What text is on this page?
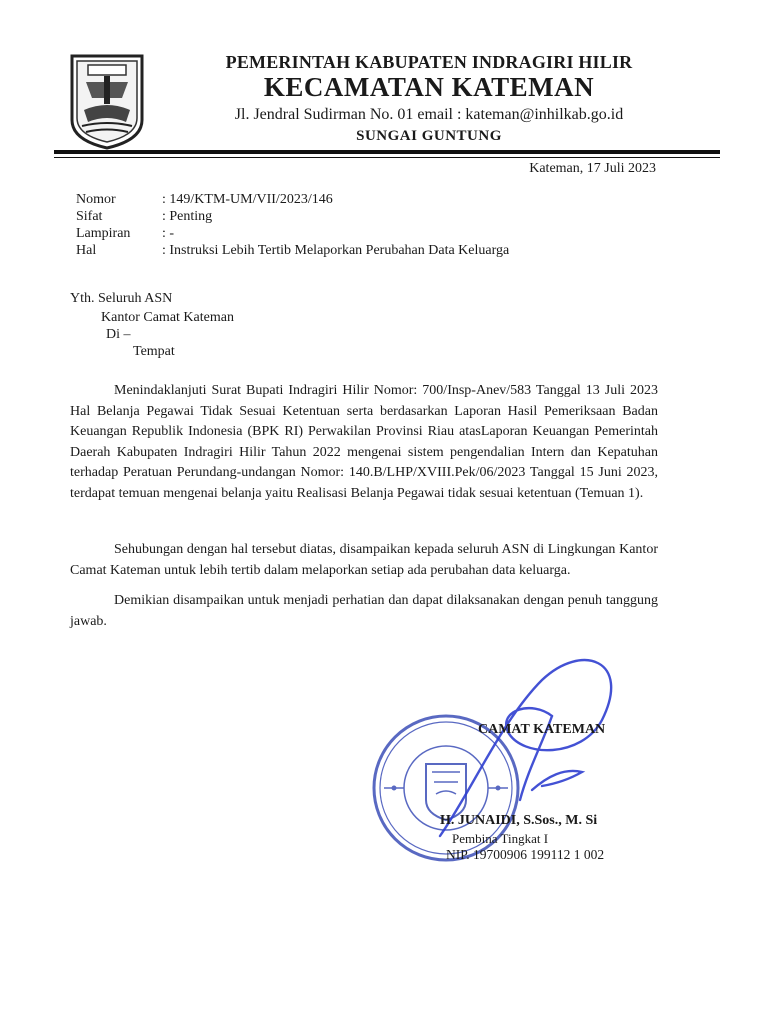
PEMERINTAH KABUPATEN INDRAGIRI HILIR
KECAMATAN KATEMAN
Jl. Jendral Sudirman No. 01 email : kateman@inhilkab.go.id
SUNGAI GUNTUNG
Kateman, 17 Juli 2023
Nomor	: 149/KTM-UM/VII/2023/146
Sifat	: Penting
Lampiran : -
Hal	: Instruksi Lebih Tertib Melaporkan Perubahan Data Keluarga
Yth. Seluruh ASN
Kantor Camat Kateman
Di –
Tempat
Menindaklanjuti Surat Bupati Indragiri Hilir Nomor: 700/Insp-Anev/583 Tanggal 13 Juli 2023 Hal Belanja Pegawai Tidak Sesuai Ketentuan serta berdasarkan Laporan Hasil Pemeriksaan Badan Keuangan Republik Indonesia (BPK RI) Perwakilan Provinsi Riau atasLaporan Keuangan Pemerintah Daerah Kabupaten Indragiri Hilir Tahun 2022 mengenai sistem pengendalian Intern dan Kepatuhan terhadap Peratuan Perundang-undangan Nomor: 140.B/LHP/XVIII.Pek/06/2023 Tanggal 15 Juni 2023, terdapat temuan mengenai belanja yaitu Realisasi Belanja Pegawai tidak sesuai ketentuan (Temuan 1).
Sehubungan dengan hal tersebut diatas, disampaikan kepada seluruh ASN di Lingkungan Kantor Camat Kateman untuk lebih tertib dalam melaporkan setiap ada perubahan data keluarga.
Demikian disampaikan untuk menjadi perhatian dan dapat dilaksanakan dengan penuh tanggung jawab.
CAMAT KATEMAN
H. JUNAIDI, S.Sos., M. Si
Pembina Tingkat I
NIP. 19700906 199112 1 002
